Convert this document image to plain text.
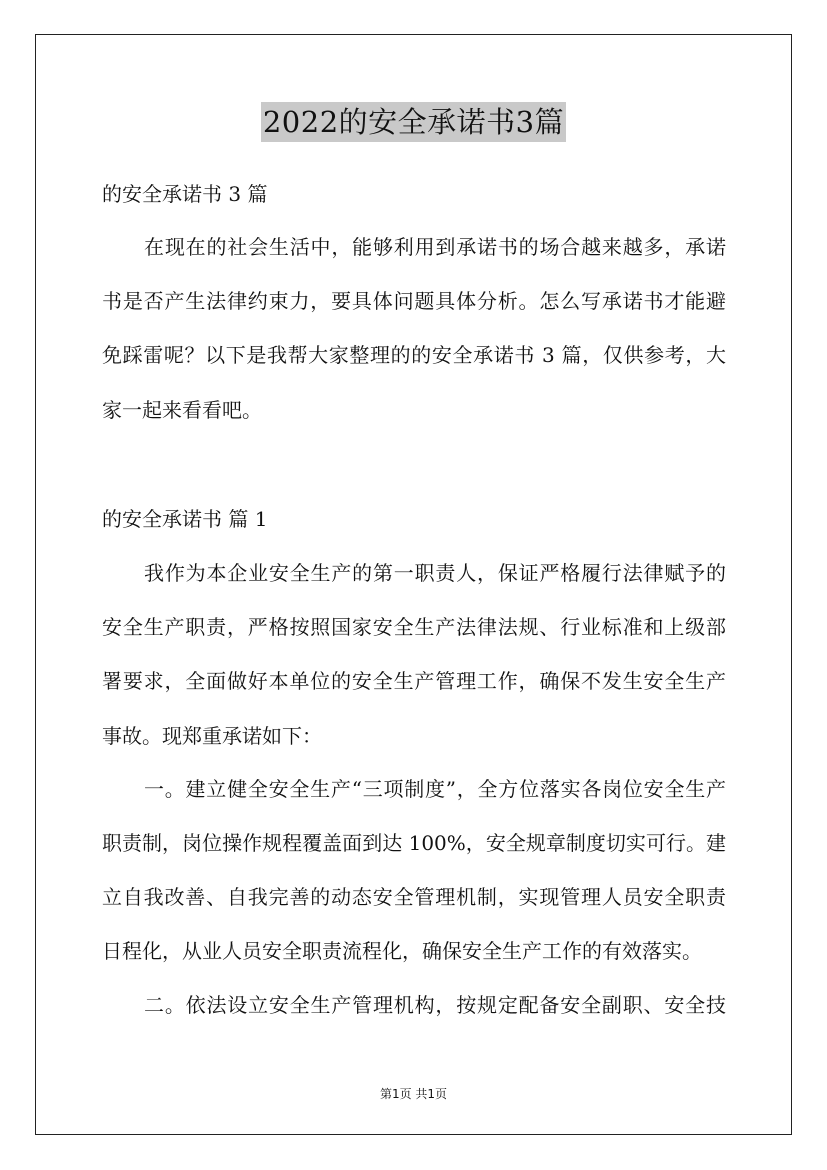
2022的安全承诺书3篇
的安全承诺书 3 篇
在现在的社会生活中，能够利用到承诺书的场合越来越多，承诺
书是否产生法律约束力，要具体问题具体分析。怎么写承诺书才能避
免踩雷呢？以下是我帮大家整理的的安全承诺书 3 篇，仅供参考，大
家一起来看看吧。
的安全承诺书 篇 1
我作为本企业安全生产的第一职责人，保证严格履行法律赋予的
安全生产职责，严格按照国家安全生产法律法规、行业标准和上级部
署要求，全面做好本单位的安全生产管理工作，确保不发生安全生产
事故。现郑重承诺如下：
一。建立健全安全生产“三项制度”，全方位落实各岗位安全生产
职责制，岗位操作规程覆盖面到达 100%，安全规章制度切实可行。建
立自我改善、自我完善的动态安全管理机制，实现管理人员安全职责
日程化，从业人员安全职责流程化，确保安全生产工作的有效落实。
二。依法设立安全生产管理机构，按规定配备安全副职、安全技
第1页 共1页
